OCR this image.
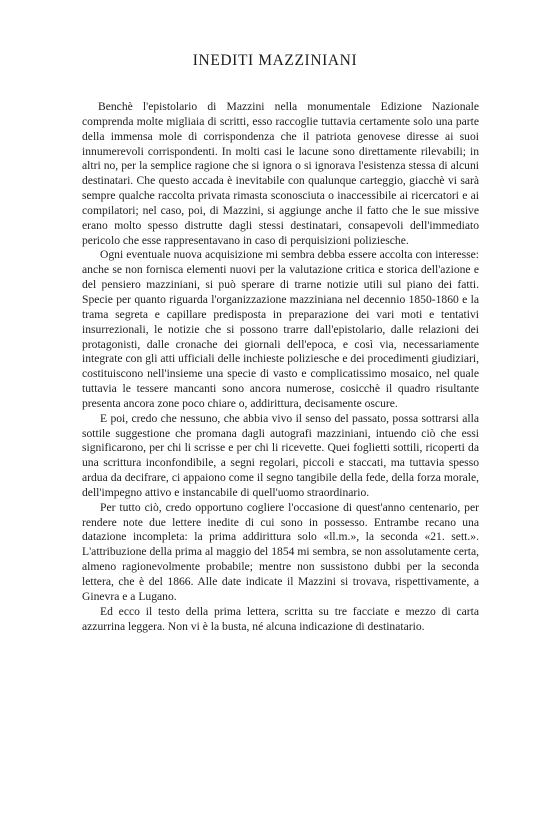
INEDITI MAZZINIANI

Benchè l'epistolario di Mazzini nella monumentale Edizione Nazionale comprenda molte migliaia di scritti, esso raccoglie tuttavia certamente solo una parte della immensa mole di corrispondenza che il patriota genovese diresse ai suoi innumerevoli corrispondenti. In molti casi le lacune sono direttamente rilevabili; in altri no, per la semplice ragione che si ignora o si ignorava l'esistenza stessa di alcuni destinatari. Che questo accada è inevitabile con qualunque carteggio, giacchè vi sarà sempre qualche raccolta privata rimasta sconosciuta o inaccessibile ai ricercatori e ai compilatori; nel caso, poi, di Mazzini, si aggiunge anche il fatto che le sue missive erano molto spesso distrutte dagli stessi destinatari, consapevoli dell'immediato pericolo che esse rappresentavano in caso di perquisizioni poliziesche.

Ogni eventuale nuova acquisizione mi sembra debba essere accolta con interesse: anche se non fornisca elementi nuovi per la valutazione critica e storica dell'azione e del pensiero mazziniani, si può sperare di trarne notizie utili sul piano dei fatti. Specie per quanto riguarda l'organizzazione mazziniana nel decennio 1850-1860 e la trama segreta e capillare predisposta in preparazione dei vari moti e tentativi insurrezionali, le notizie che si possono trarre dall'epistolario, dalle relazioni dei protagonisti, dalle cronache dei giornali dell'epoca, e così via, necessariamente integrate con gli atti ufficiali delle inchieste poliziesche e dei procedimenti giudiziari, costituiscono nell'insieme una specie di vasto e complicatissimo mosaico, nel quale tuttavia le tessere mancanti sono ancora numerose, cosicchè il quadro risultante presenta ancora zone poco chiare o, addirittura, decisamente oscure.

E poi, credo che nessuno, che abbia vivo il senso del passato, possa sottrarsi alla sottile suggestione che promana dagli autografi mazziniani, intuendo ciò che essi significarono, per chi li scrisse e per chi li ricevette. Quei foglietti sottili, ricoperti da una scrittura inconfondibile, a segni regolari, piccoli e staccati, ma tuttavia spesso ardua da decifrare, ci appaiono come il segno tangibile della fede, della forza morale, dell'impegno attivo e instancabile di quell'uomo straordinario.

Per tutto ciò, credo opportuno cogliere l'occasione di quest'anno centenario, per rendere note due lettere inedite di cui sono in possesso. Entrambe recano una datazione incompleta: la prima addirittura solo «ll.m.», la seconda «21. sett.». L'attribuzione della prima al maggio del 1854 mi sembra, se non assolutamente certa, almeno ragionevolmente probabile; mentre non sussistono dubbi per la seconda lettera, che è del 1866. Alle date indicate il Mazzini si trovava, rispettivamente, a Ginevra e a Lugano.

Ed ecco il testo della prima lettera, scritta su tre facciate e mezzo di carta azzurrina leggera. Non vi è la busta, né alcuna indicazione di destinatario.
